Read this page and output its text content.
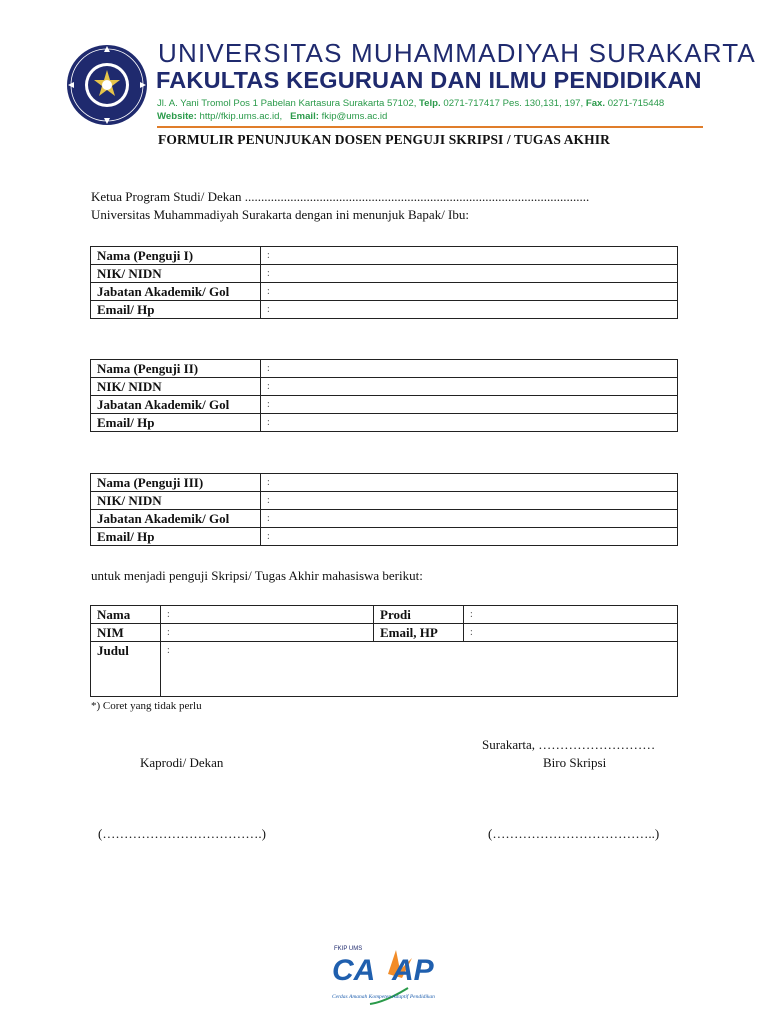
UNIVERSITAS MUHAMMADIYAH SURAKARTA
FAKULTAS KEGURUAN DAN ILMU PENDIDIKAN
Jl. A. Yani Tromol Pos 1 Pabelan Kartasura Surakarta 57102, Telp. 0271-717417 Pes. 130,131, 197, Fax. 0271-715448
Website: http//fkip.ums.ac.id, Email: fkip@ums.ac.id
FORMULIR PENUNJUKAN DOSEN PENGUJI SKRIPSI / TUGAS AKHIR
Ketua Program Studi/ Dekan ..........................................................................................................
Universitas Muhammadiyah Surakarta dengan ini menunjuk Bapak/ Ibu:
Nama (Penguji I)	:
NIK/ NIDN	:
Jabatan Akademik/ Gol	:
Email/ Hp	:
Nama (Penguji II)	:
NIK/ NIDN	:
Jabatan Akademik/ Gol	:
Email/ Hp	:
Nama (Penguji III)	:
NIK/ NIDN	:
Jabatan Akademik/ Gol	:
Email/ Hp	:
untuk menjadi penguji Skripsi/ Tugas Akhir mahasiswa berikut:
Nama	:	Prodi	:
NIM	:	Email, HP	:
Judul	:		
*) Coret yang tidak perlu
Surakarta, ………………………
Kaprodi/ Dekan	Biro Skripsi
(……………………………….)	(………………………………..)
FKIP UMS
CA AP
Cerdas Amanah Kompeten Adaptif Pendidikan
